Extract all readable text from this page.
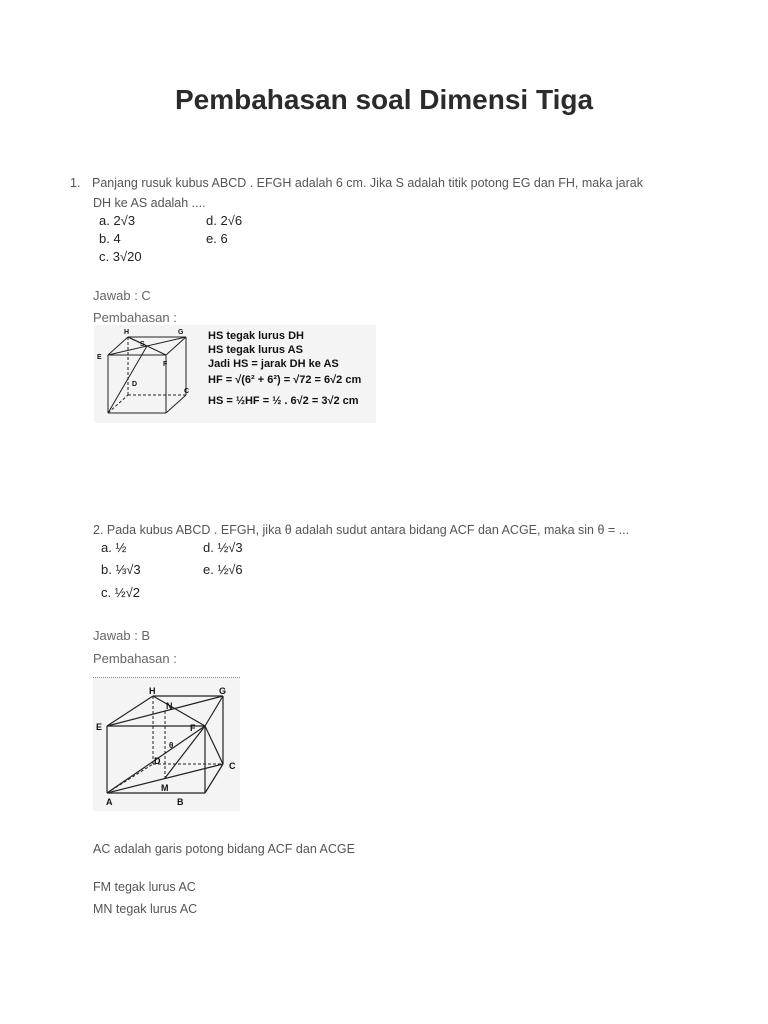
Pembahasan soal Dimensi Tiga
1. Panjang rusuk kubus ABCD . EFGH adalah 6 cm. Jika S adalah titik potong EG dan FH, maka jarak
DH ke AS adalah ....
a. 2√3
b. 4
c. 3√20
d. 2√6
e. 6
Jawab : C
Pembahasan :
H	G
E
F
S
D
C
HS tegak lurus DH
HS tegak lurus AS
Jadi HS = jarak DH ke AS
HF = √(6² + 6²) = √72 = 6√2 cm
HS = ½HF = ½ . 6√2 = 3√2 cm
2. Pada kubus ABCD . EFGH, jika θ adalah sudut antara bidang ACF dan ACGE, maka sin θ = ...
a. ½
b. ⅓√3
c. ½√2
d. ½√3
e. ½√6
Jawab : B
Pembahasan :
H	G
E
N
F
θ
D	C
M
A	B
AC adalah garis potong bidang ACF dan ACGE
FM tegak lurus AC
MN tegak lurus AC
